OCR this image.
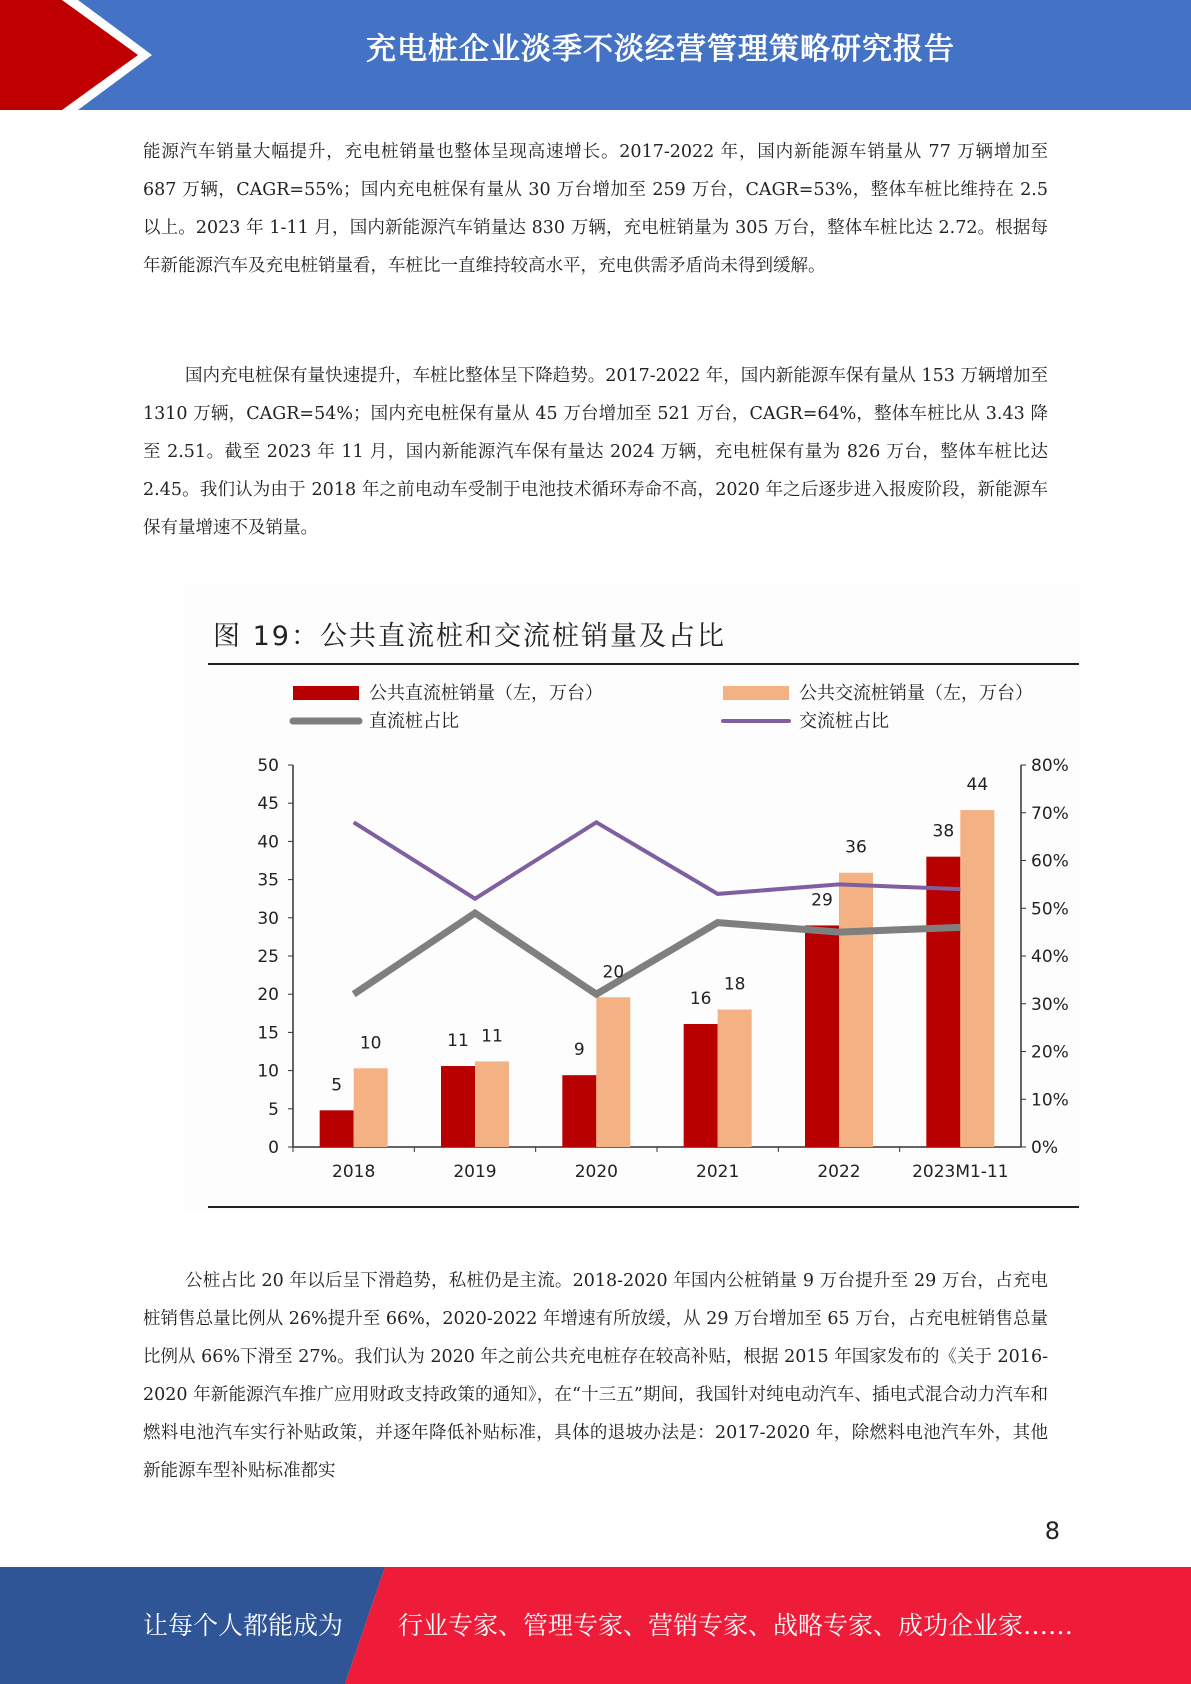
充电桩企业淡季不淡经营管理策略研究报告

能源汽车销量大幅提升，充电桩销量也整体呈现高速增长。2017-2022 年，国内新能源车销量从 77 万辆增加至 687 万辆，CAGR=55%；国内充电桩保有量从 30 万台增加至 259 万台，CAGR=53%，整体车桩比维持在 2.5 以上。2023 年 1-11 月，国内新能源汽车销量达 830 万辆，充电桩销量为 305 万台，整体车桩比达 2.72。根据每年新能源汽车及充电桩销量看，车桩比一直维持较高水平，充电供需矛盾尚未得到缓解。

国内充电桩保有量快速提升，车桩比整体呈下降趋势。2017-2022 年，国内新能源车保有量从 153 万辆增加至 1310 万辆，CAGR=54%；国内充电桩保有量从 45 万台增加至 521 万台，CAGR=64%，整体车桩比从 3.43 降至 2.51。截至 2023 年 11 月，国内新能源汽车保有量达 2024 万辆，充电桩保有量为 826 万台，整体车桩比达 2.45。我们认为由于 2018 年之前电动车受制于电池技术循环寿命不高，2020 年之后逐步进入报废阶段，新能源车保有量增速不及销量。

图 19：公共直流桩和交流桩销量及占比
公共直流桩销量（左，万台）	公共交流桩销量（左，万台）
直流桩占比	交流桩占比
0
5
10
15
20
25
30
35
40
45
50
0%
10%
20%
30%
40%
50%
60%
70%
80%
2018	2019	2020	2021	2022	2023M1-11
5
11	9
16
29
38
10	11
20
18
36
44

公桩占比 20 年以后呈下滑趋势，私桩仍是主流。2018-2020 年国内公桩销量 9 万台提升至 29 万台，占充电桩销售总量比例从 26%提升至 66%，2020-2022 年增速有所放缓，从 29 万台增加至 65 万台，占充电桩销售总量比例从 66%下滑至 27%。我们认为 2020 年之前公共充电桩存在较高补贴，根据 2015 年国家发布的《关于 2016-2020 年新能源汽车推广应用财政支持政策的通知》，在“十三五”期间，我国针对纯电动汽车、插电式混合动力汽车和燃料电池汽车实行补贴政策，并逐年降低补贴标准，具体的退坡办法是：2017-2020 年，除燃料电池汽车外，其他新能源车型补贴标准都实

8
让每个人都能成为 行业专家、管理专家、营销专家、战略专家、成功企业家……
